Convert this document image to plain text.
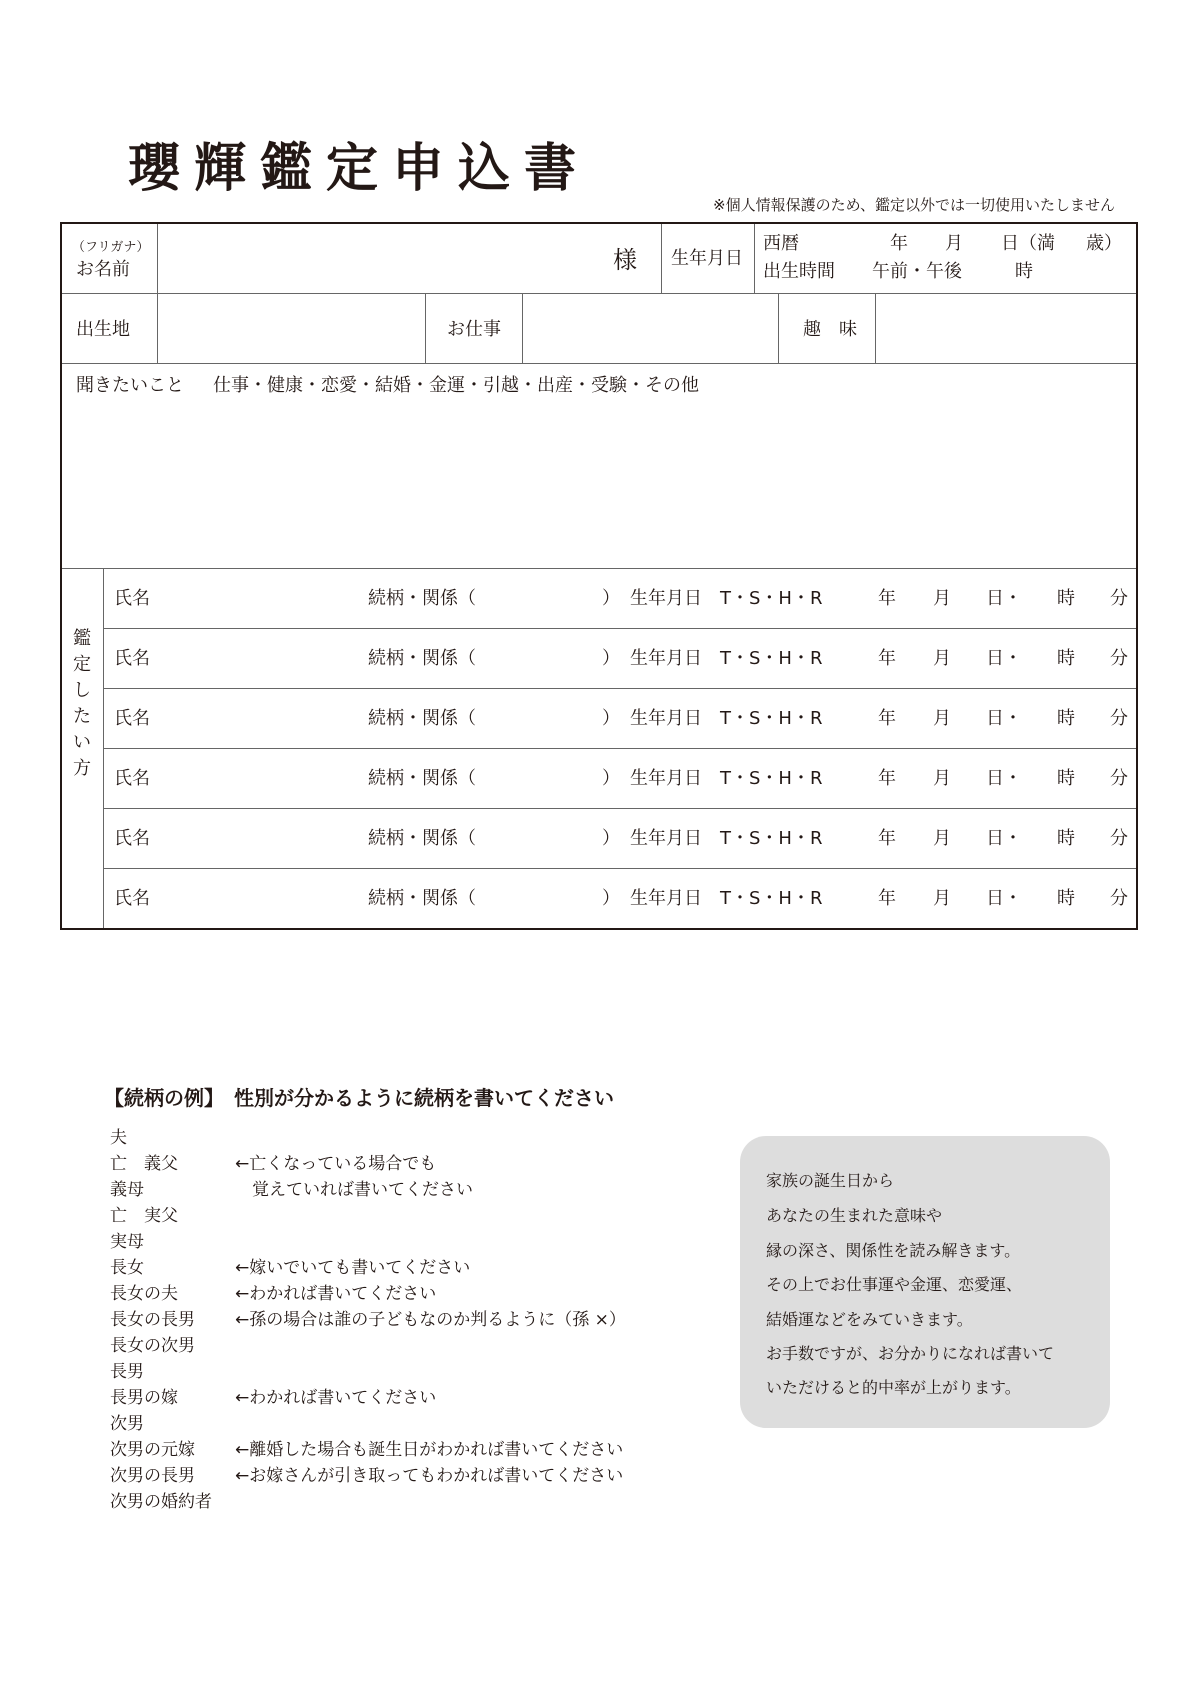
瓔輝鑑定申込書
※個人情報保護のため、鑑定以外では一切使用いたしません
（フリガナ）
お名前	様 生年月日
西暦	年 月 日（満 歳）
出生時間 午前・午後	時
出生地	お仕事	趣　味
聞きたいこと 仕事・健康・恋愛・結婚・金運・引越・出産・受験・その他
鑑
定
し
た
い
方
氏名	続柄・関係（	） 生年月日 T・S・H・R	年 月 日・ 時 分
氏名	続柄・関係（	） 生年月日 T・S・H・R	年 月 日・ 時 分
氏名	続柄・関係（	） 生年月日 T・S・H・R	年 月 日・ 時 分
氏名	続柄・関係（	） 生年月日 T・S・H・R	年 月 日・ 時 分
氏名	続柄・関係（	） 生年月日 T・S・H・R	年 月 日・ 時 分
氏名	続柄・関係（	） 生年月日 T・S・H・R	年 月 日・ 時 分
【続柄の例】　性別が分かるように続柄を書いてください
夫
亡　義父	←亡くなっている場合でも
義母	　覚えていれば書いてください
亡　実父
実母
長女	←嫁いでいても書いてください
長女の夫	←わかれば書いてください
長女の長男 ←孫の場合は誰の子どもなのか判るように（孫 ×）
長女の次男
長男
長男の嫁	←わかれば書いてください
次男
次男の元嫁 ←離婚した場合も誕生日がわかれば書いてください
次男の長男 ←お嫁さんが引き取ってもわかれば書いてください
次男の婚約者
家族の誕生日から
あなたの生まれた意味や
縁の深さ、関係性を読み解きます。
その上でお仕事運や金運、恋愛運、
結婚運などをみていきます。
お手数ですが、お分かりになれば書いて
いただけると的中率が上がります。
